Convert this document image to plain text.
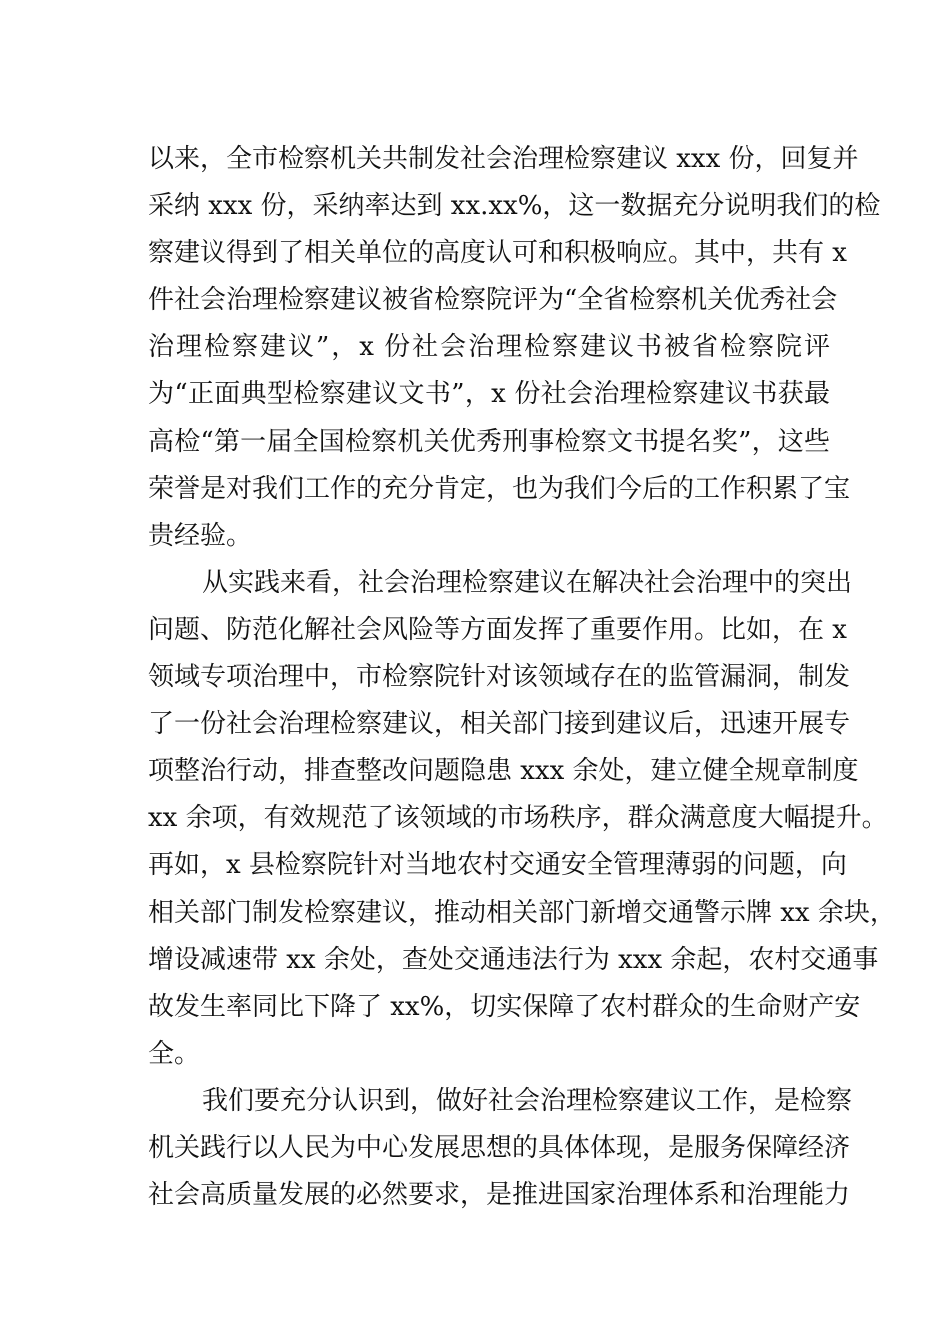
以来，全市检察机关共制发社会治理检察建议 xxx 份，回复并
采纳 xxx 份，采纳率达到 xx.xx%，这一数据充分说明我们的检
察建议得到了相关单位的高度认可和积极响应。其中，共有 x
件社会治理检察建议被省检察院评为“全省检察机关优秀社会
治理检察建议”，x 份社会治理检察建议书被省检察院评
为“正面典型检察建议文书”，x 份社会治理检察建议书获最
高检“第一届全国检察机关优秀刑事检察文书提名奖”，这些
荣誉是对我们工作的充分肯定，也为我们今后的工作积累了宝
贵经验。
从实践来看，社会治理检察建议在解决社会治理中的突出
问题、防范化解社会风险等方面发挥了重要作用。比如，在 x
领域专项治理中，市检察院针对该领域存在的监管漏洞，制发
了一份社会治理检察建议，相关部门接到建议后，迅速开展专
项整治行动，排查整改问题隐患 xxx 余处，建立健全规章制度
xx 余项，有效规范了该领域的市场秩序，群众满意度大幅提升。
再如，x 县检察院针对当地农村交通安全管理薄弱的问题，向
相关部门制发检察建议，推动相关部门新增交通警示牌 xx 余块，
增设减速带 xx 余处，查处交通违法行为 xxx 余起，农村交通事
故发生率同比下降了 xx%，切实保障了农村群众的生命财产安
全。
我们要充分认识到，做好社会治理检察建议工作，是检察
机关践行以人民为中心发展思想的具体体现，是服务保障经济
社会高质量发展的必然要求，是推进国家治理体系和治理能力
